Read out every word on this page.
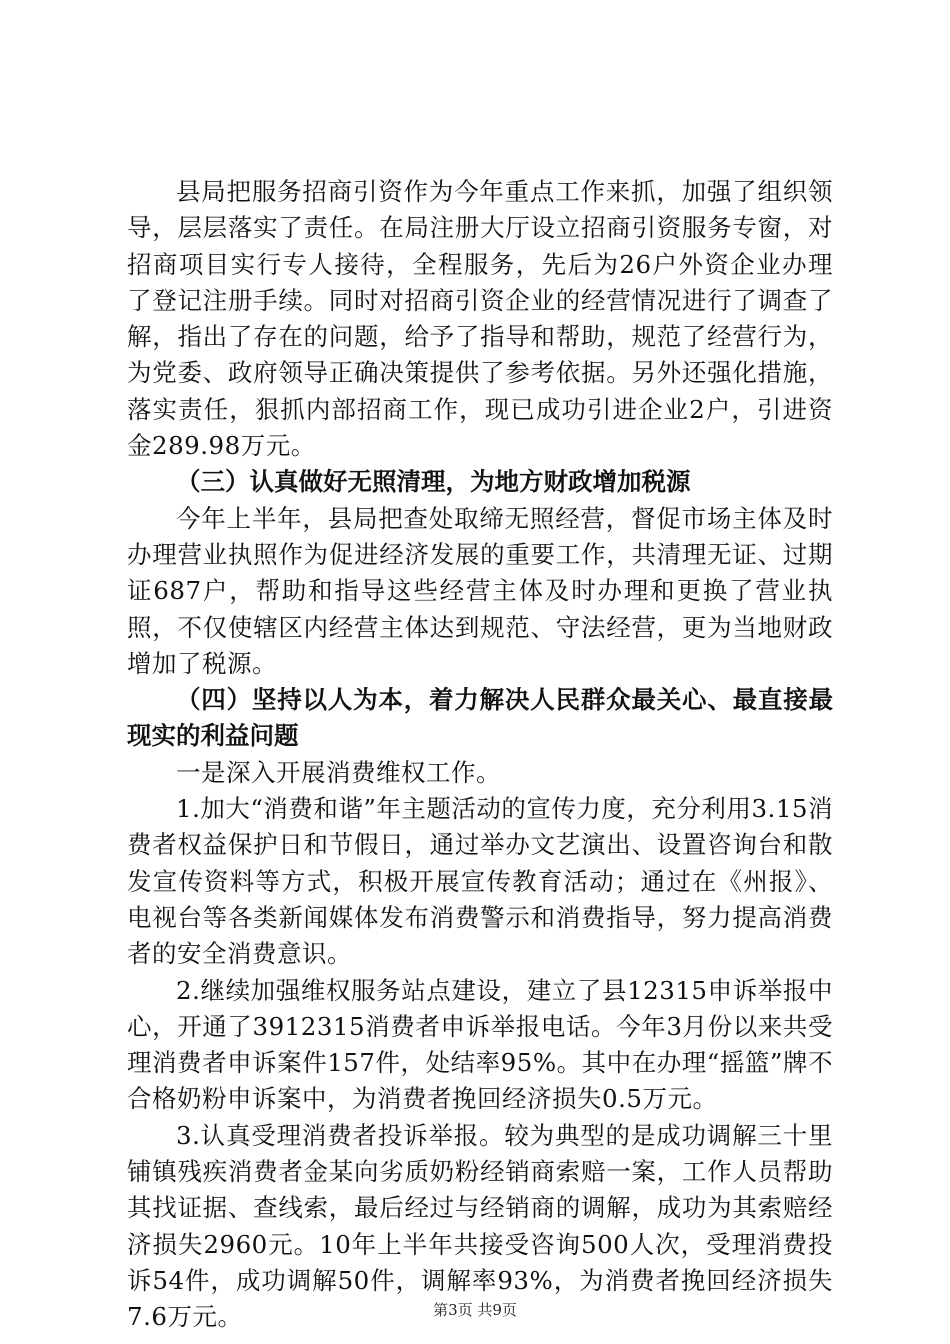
县局把服务招商引资作为今年重点工作来抓，加强了组织领导，层层落实了责任。在局注册大厅设立招商引资服务专窗，对招商项目实行专人接待，全程服务，先后为26户外资企业办理了登记注册手续。同时对招商引资企业的经营情况进行了调查了解，指出了存在的问题，给予了指导和帮助，规范了经营行为，为党委、政府领导正确决策提供了参考依据。另外还强化措施，落实责任，狠抓内部招商工作，现已成功引进企业2户，引进资金289.98万元。

（三）认真做好无照清理，为地方财政增加税源

今年上半年，县局把查处取缔无照经营，督促市场主体及时办理营业执照作为促进经济发展的重要工作，共清理无证、过期证687户，帮助和指导这些经营主体及时办理和更换了营业执照，不仅使辖区内经营主体达到规范、守法经营，更为当地财政增加了税源。

（四）坚持以人为本，着力解决人民群众最关心、最直接最现实的利益问题

一是深入开展消费维权工作。

1.加大“消费和谐”年主题活动的宣传力度，充分利用3.15消费者权益保护日和节假日，通过举办文艺演出、设置咨询台和散发宣传资料等方式，积极开展宣传教育活动；通过在《州报》、电视台等各类新闻媒体发布消费警示和消费指导，努力提高消费者的安全消费意识。

2.继续加强维权服务站点建设，建立了县12315申诉举报中心，开通了3912315消费者申诉举报电话。今年3月份以来共受理消费者申诉案件157件，处结率95%。其中在办理“摇篮”牌不合格奶粉申诉案中，为消费者挽回经济损失0.5万元。

3.认真受理消费者投诉举报。较为典型的是成功调解三十里铺镇残疾消费者金某向劣质奶粉经销商索赔一案，工作人员帮助其找证据、查线索，最后经过与经销商的调解，成功为其索赔经济损失2960元。10年上半年共接受咨询500人次，受理消费投诉54件，成功调解50件，调解率93%，为消费者挽回经济损失7.6万元。	第3页 共9页
